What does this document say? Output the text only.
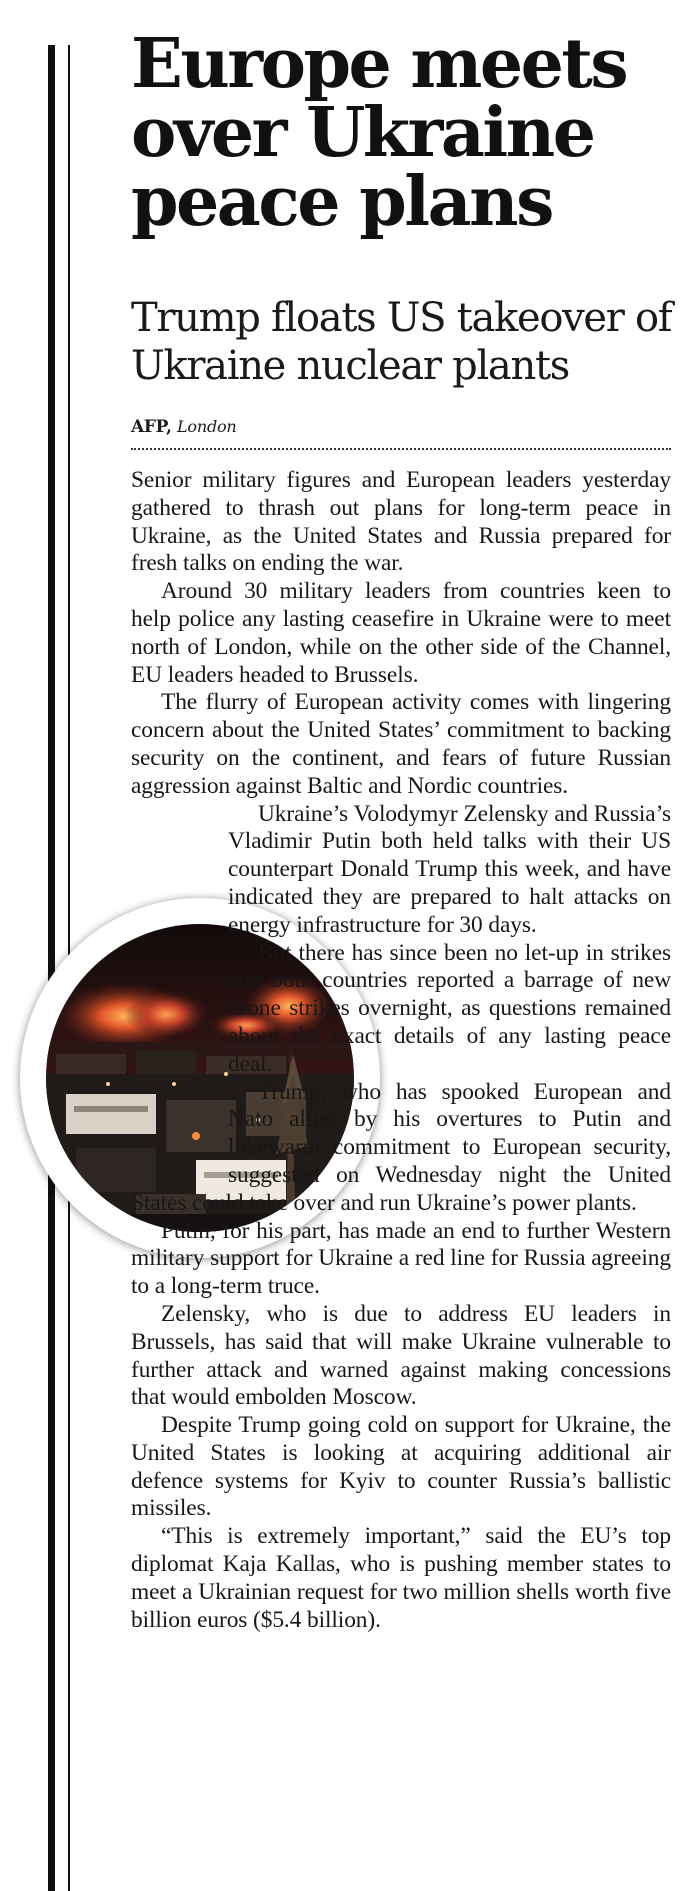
Europe meets over Ukraine peace plans
Trump floats US takeover of Ukraine nuclear plants
AFP, London

Senior military figures and European leaders yesterday gathered to thrash out plans for long-term peace in Ukraine, as the United States and Russia prepared for fresh talks on ending the war.

Around 30 military leaders from countries keen to help police any lasting ceasefire in Ukraine were to meet north of London, while on the other side of the Channel, EU leaders headed to Brussels.

The flurry of European activity comes with lingering concern about the United States’ commitment to backing security on the continent, and fears of future Russian aggression against Baltic and Nordic countries.

Ukraine’s Volodymyr Zelensky and Russia’s Vladimir Putin both held talks with their US counterpart Donald Trump this week, and have indicated they are prepared to halt attacks on energy infrastructure for 30 days.

But there has since been no let-up in strikes and both countries reported a barrage of new drone strikes overnight, as questions remained about the exact details of any lasting peace deal.

Trump, who has spooked European and Nato allies by his overtures to Putin and lukewarm commitment to European security, suggested on Wednesday night the United States could take over and run Ukraine’s power plants.

Putin, for his part, has made an end to further Western military support for Ukraine a red line for Russia agreeing to a long-term truce.

Zelensky, who is due to address EU leaders in Brussels, has said that will make Ukraine vulnerable to further attack and warned against making concessions that would embolden Moscow.

Despite Trump going cold on support for Ukraine, the United States is looking at acquiring additional air defence systems for Kyiv to counter Russia’s ballistic missiles.

“This is extremely important,” said the EU’s top diplomat Kaja Kallas, who is pushing member states to meet a Ukrainian request for two million shells worth five billion euros ($5.4 billion).
